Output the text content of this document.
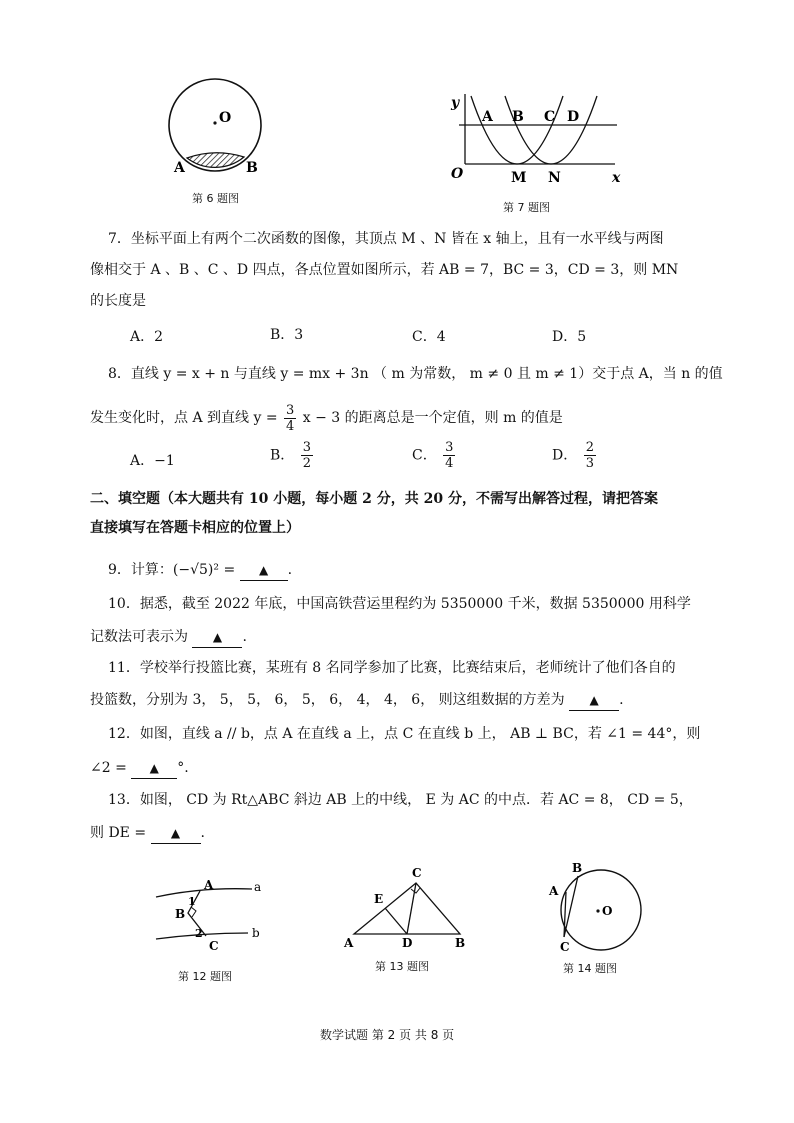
O
A	B
第 6 题图
y
A B C D
O	M N	x
第 7 题图
7．坐标平面上有两个二次函数的图像，其顶点 M 、N 皆在 x 轴上，且有一水平线与两图
像相交于 A 、B 、C 、D 四点，各点位置如图所示，若 AB = 7，BC = 3，CD = 3，则 MN
的长度是
A．2	B．3	C．4	D．5
8．直线 y = x + n 与直线 y = mx + 3n （ m 为常数， m ≠ 0 且 m ≠ 1）交于点 A，当 n 的值
发生变化时，点 A 到直线 $y = \frac{3}{4}$ x − 3 的距离总是一个定值，则 m 的值是
A．−1	B． $\frac{3}{2}$	C． $\frac{3}{4}$	D． $\frac{2}{3}$
二、填空题（本大题共有 10 小题，每小题 2 分，共 20 分，不需写出解答过程，请把答案
直接填写在答题卡相应的位置上）
9．计算：(−√5)² = ▲ .
10．据悉，截至 2022 年底，中国高铁营运里程约为 5350000 千米，数据 5350000 用科学
记数法可表示为 ▲ .
11．学校举行投篮比赛，某班有 8 名同学参加了比赛，比赛结束后，老师统计了他们各自的
投篮数，分别为 3， 5， 5， 6， 5， 6， 4， 4， 6， 则这组数据的方差为 ▲ .
12．如图，直线 a // b，点 A 在直线 a 上，点 C 在直线 b 上， AB ⊥ BC，若 ∠1 = 44°，则
∠2 = ▲ °.
13．如图， CD 为 Rt△ABC 斜边 AB 上的中线， E 为 AC 的中点．若 AC = 8， CD = 5，
则 DE = ▲ .
A	a
1
B
2	b
C
第 12 题图
C
E
A	D	B
第 13 题图
B
A
O
C
第 14 题图
数学试题 第 2 页 共 8 页
